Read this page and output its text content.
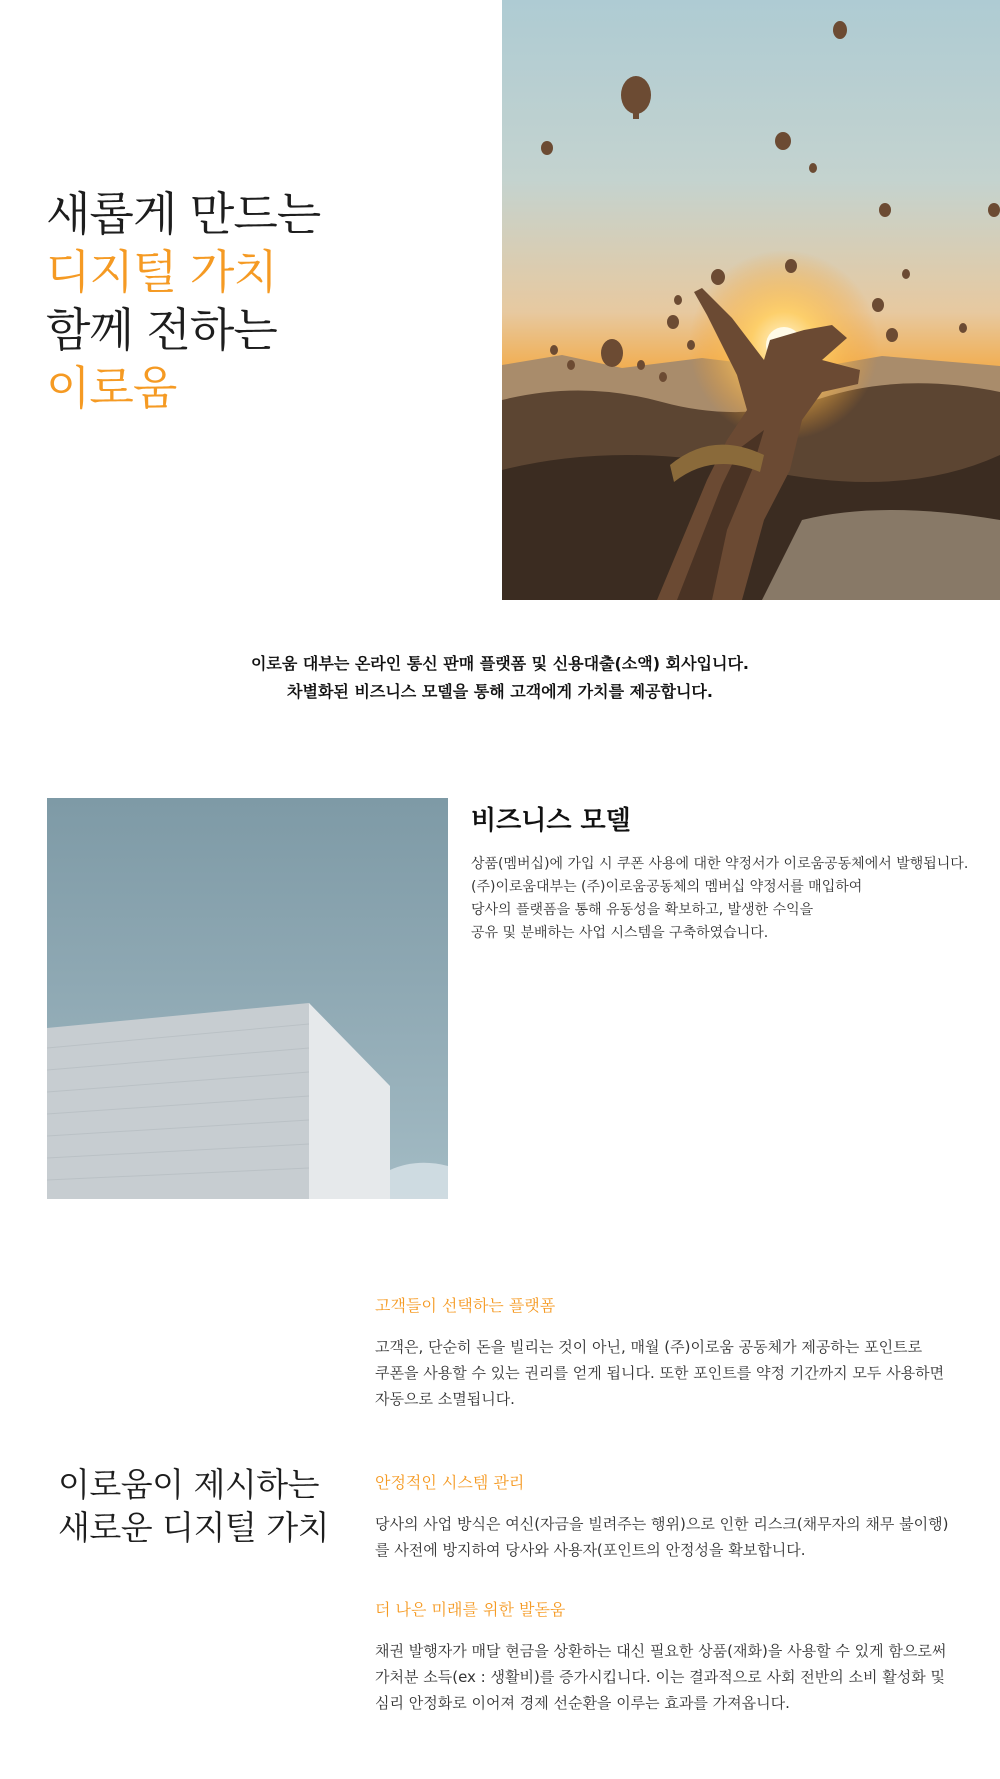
새롭게 만드는
디지털 가치
함께 전하는
이로움

이로움 대부는 온라인 통신 판매 플랫폼 및 신용대출(소액) 회사입니다.

차별화된 비즈니스 모델을 통해 고객에게 가치를 제공합니다.

비즈니스 모델
상품(멤버십)에 가입 시 쿠폰 사용에 대한 약정서가 이로움공동체에서 발행됩니다.
(주)이로움대부는 (주)이로움공동체의 멤버십 약정서를 매입하여
당사의 플랫폼을 통해 유동성을 확보하고, 발생한 수익을
공유 및 분배하는 사업 시스템을 구축하였습니다.
이로움이 제시하는
새로운 디지털 가치
고객들이 선택하는 플랫폼
고객은, 단순히 돈을 빌리는 것이 아닌, 매월 (주)이로움 공동체가 제공하는 포인트로
쿠폰을 사용할 수 있는 권리를 얻게 됩니다. 또한 포인트를 약정 기간까지 모두 사용하면
자동으로 소멸됩니다.
안정적인 시스템 관리
당사의 사업 방식은 여신(자금을 빌려주는 행위)으로 인한 리스크(채무자의 채무 불이행)
를 사전에 방지하여 당사와 사용자(포인트의 안정성을 확보합니다.
더 나은 미래를 위한 발돋움
채권 발행자가 매달 현금을 상환하는 대신 필요한 상품(재화)을 사용할 수 있게 함으로써
가처분 소득(ex : 생활비)를 증가시킵니다. 이는 결과적으로 사회 전반의 소비 활성화 및
심리 안정화로 이어져 경제 선순환을 이루는 효과를 가져옵니다.
